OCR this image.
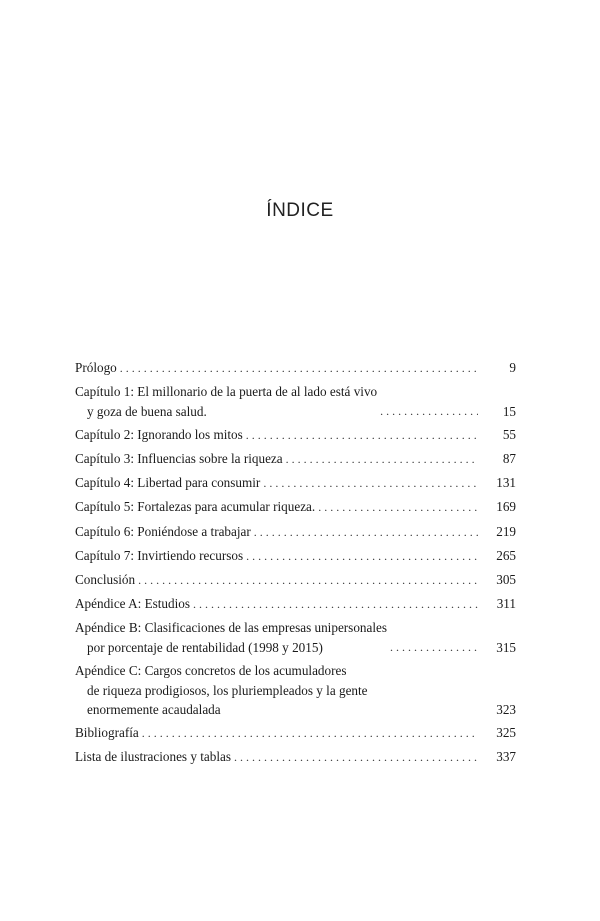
ÍNDICE
Prólogo . . .	9
Capítulo 1: El millonario de la puerta de al lado está vivo
y goza de buena salud. . . .	15
Capítulo 2: Ignorando los mitos . . .	55
Capítulo 3: Influencias sobre la riqueza . . .	87
Capítulo 4: Libertad para consumir . . .	131
Capítulo 5: Fortalezas para acumular riqueza. . . .	169
Capítulo 6: Poniéndose a trabajar . . .	219
Capítulo 7: Invirtiendo recursos . . .	265
Conclusión . . .	305
Apéndice A: Estudios . . .	311
Apéndice B: Clasificaciones de las empresas unipersonales
por porcentaje de rentabilidad (1998 y 2015) . . .	315
Apéndice C: Cargos concretos de los acumuladores
de riqueza prodigiosos, los pluriempleados y la gente
enormemente acaudalada	323
Bibliografía . . .	325
Lista de ilustraciones y tablas . . .	337
